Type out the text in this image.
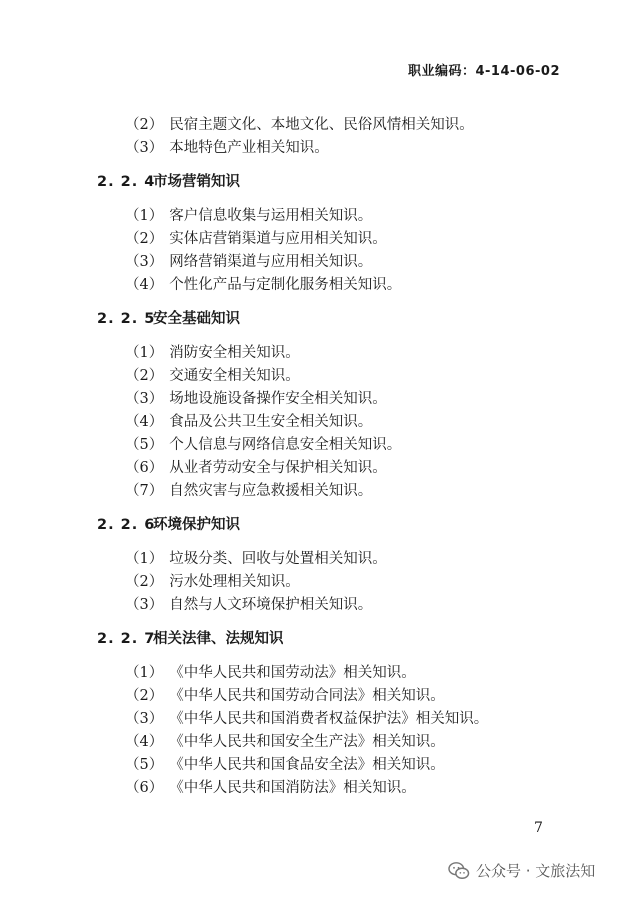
职业编码：4-14-06-02
（2） 民宿主题文化、本地文化、民俗风情相关知识。
（3） 本地特色产业相关知识。
2. 2. 4市场营销知识
（1） 客户信息收集与运用相关知识。
（2） 实体店营销渠道与应用相关知识。
（3） 网络营销渠道与应用相关知识。
（4） 个性化产品与定制化服务相关知识。
2. 2. 5安全基础知识
（1） 消防安全相关知识。
（2） 交通安全相关知识。
（3） 场地设施设备操作安全相关知识。
（4） 食品及公共卫生安全相关知识。
（5） 个人信息与网络信息安全相关知识。
（6） 从业者劳动安全与保护相关知识。
（7） 自然灾害与应急救援相关知识。
2. 2. 6环境保护知识
（1） 垃圾分类、回收与处置相关知识。
（2） 污水处理相关知识。
（3） 自然与人文环境保护相关知识。
2. 2. 7相关法律、法规知识
（1） 《中华人民共和国劳动法》相关知识。
（2） 《中华人民共和国劳动合同法》相关知识。
（3） 《中华人民共和国消费者权益保护法》相关知识。
（4） 《中华人民共和国安全生产法》相关知识。
（5） 《中华人民共和国食品安全法》相关知识。
（6） 《中华人民共和国消防法》相关知识。
7
公众号 · 文旅法知
